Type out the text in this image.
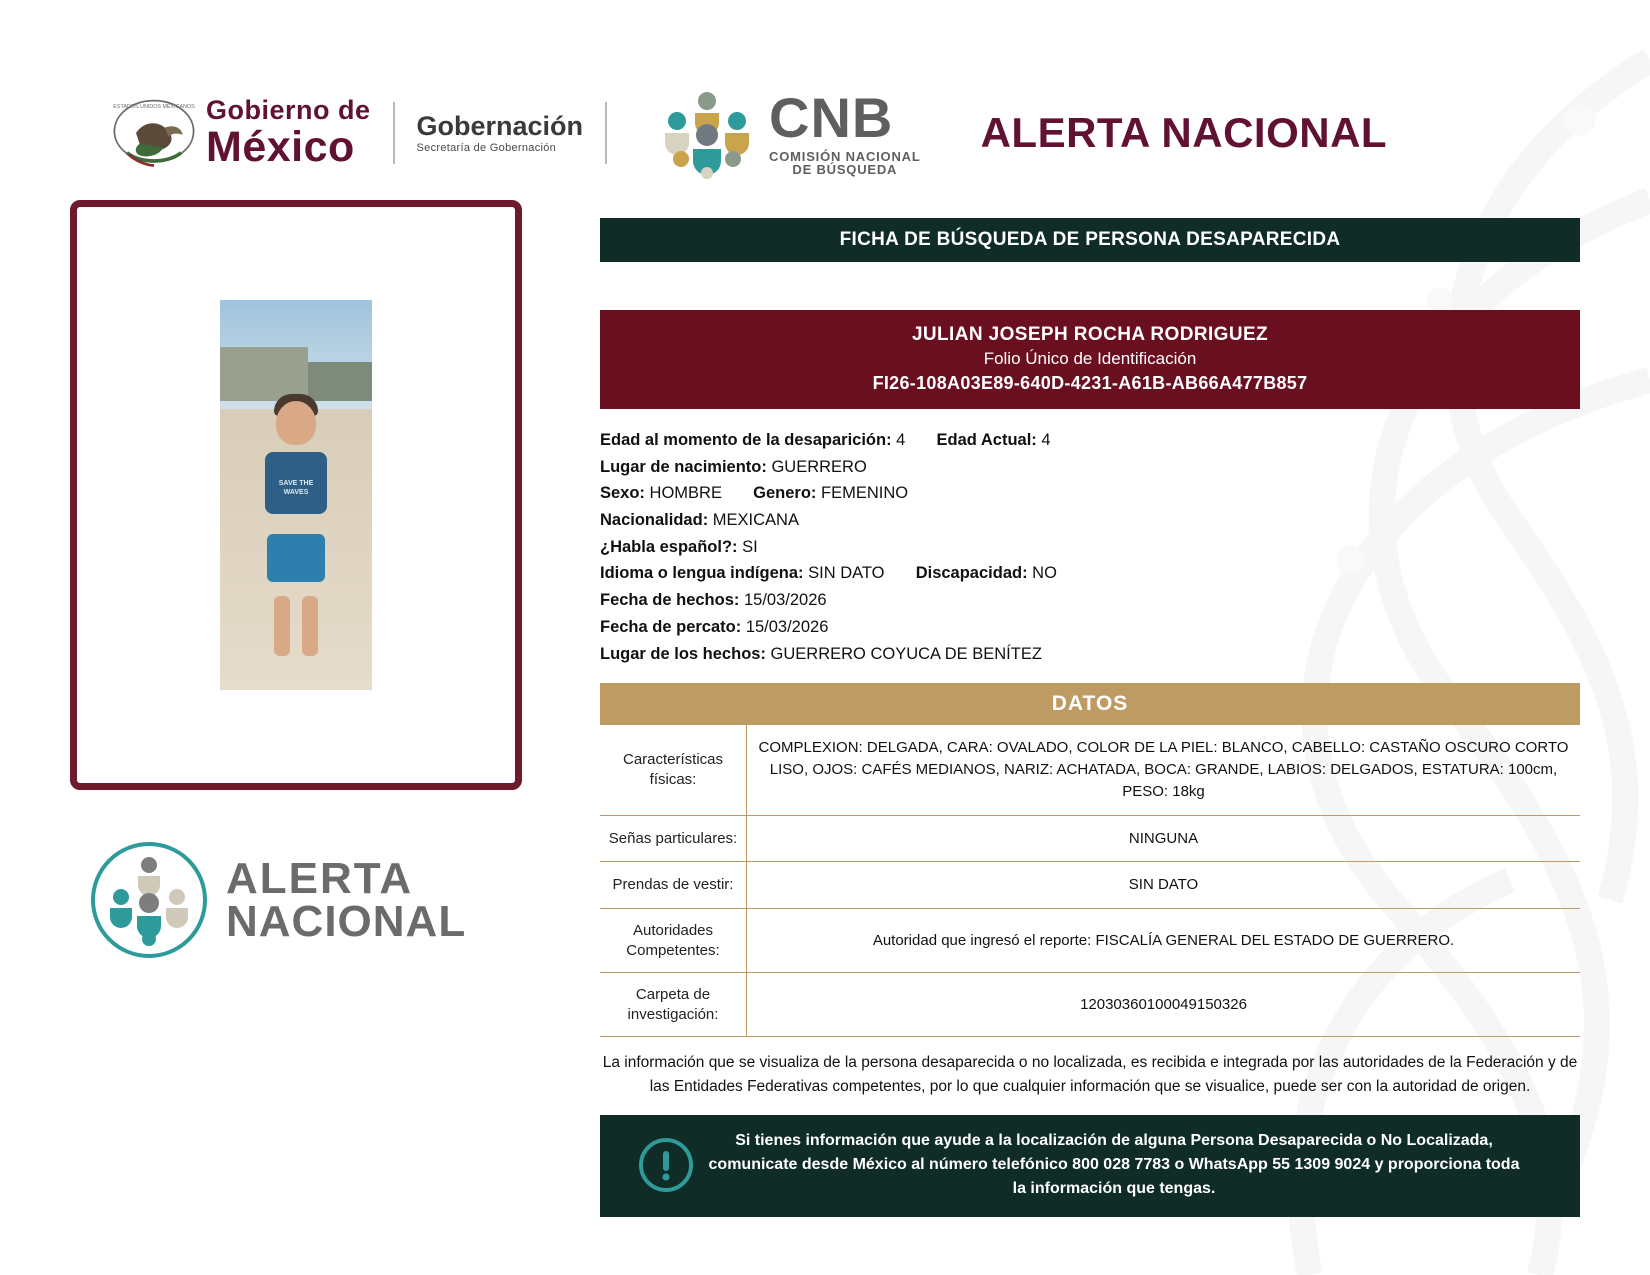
ESTADOS UNIDOS MEXICANOS Gobierno de
México	Gobernación
Secretaría de Gobernación	CNB
COMISIÓN NACIONAL
DE BÚSQUEDA
ALERTA NACIONAL
SAVE THE WAVES
ALERTA
NACIONAL
FICHA DE BÚSQUEDA DE PERSONA DESAPARECIDA
JULIAN JOSEPH ROCHA RODRIGUEZ
Folio Único de Identificación
FI26-108A03E89-640D-4231-A61B-AB66A477B857
Edad al momento de la desaparición: 4 Edad Actual: 4
Lugar de nacimiento: GUERRERO
Sexo: HOMBRE Genero: FEMENINO
Nacionalidad: MEXICANA
¿Habla español?: SI
Idioma o lengua indígena: SIN DATO Discapacidad: NO
Fecha de hechos: 15/03/2026
Fecha de percato: 15/03/2026
Lugar de los hechos: GUERRERO COYUCA DE BENÍTEZ
DATOS
Características físicas:	COMPLEXION: DELGADA, CARA: OVALADO, COLOR DE LA PIEL: BLANCO, CABELLO: CASTAÑO OSCURO CORTO LISO, OJOS: CAFÉS MEDIANOS, NARIZ: ACHATADA, BOCA: GRANDE, LABIOS: DELGADOS, ESTATURA: 100cm, PESO: 18kg
Señas particulares:	NINGUNA
Prendas de vestir:	SIN DATO
Autoridades Competentes:	Autoridad que ingresó el reporte: FISCALÍA GENERAL DEL ESTADO DE GUERRERO.
Carpeta de investigación:	12030360100049150326
La información que se visualiza de la persona desaparecida o no localizada, es recibida e integrada por las autoridades de la Federación y de las Entidades Federativas competentes, por lo que cualquier información que se visualice, puede ser con la autoridad de origen.
Si tienes información que ayude a la localización de alguna Persona Desaparecida o No Localizada, comunicate desde México al número telefónico 800 028 7783 o WhatsApp 55 1309 9024 y proporciona toda la información que tengas.
